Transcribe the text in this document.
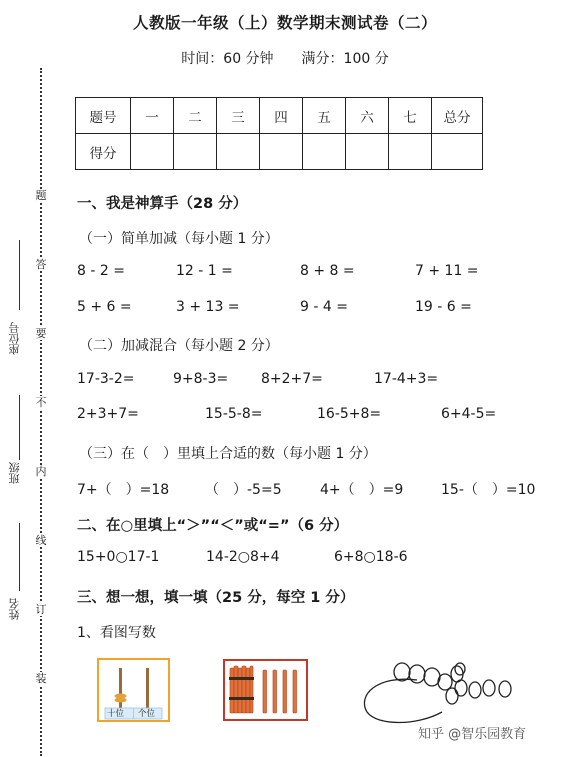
人教版一年级（上）数学期末测试卷（二）
时间：60 分钟 满分：100 分
题
答
要
不
内
线
订
装
座位号
班级
姓名
题号	一	二	三	四	五	六	七	总分
得分								
一、我是神算手（28 分）
（一）简单加减（每小题 1 分）
8 - 2 =	12 - 1 =	8 + 8 =	7 + 11 =
5 + 6 =	3 + 13 =	9 - 4 =	19 - 6 =
（二）加减混合（每小题 2 分）
17-3-2=	9+8-3= 8+2+7=	17-4+3=
2+3+7=	15-5-8=	16-5+8=	6+4-5=
（三）在（　）里填上合适的数（每小题 1 分）
7+（　）=18	（　）-5=5	4+（　）=9	15-（　）=10
二、在○里填上“＞”“＜”或“=”（6 分）
15+0○17-1	14-2○8+4	6+8○18-6
三、想一想，填一填（25 分，每空 1 分）
1、看图写数
十位 个位
知乎 @智乐园教育
